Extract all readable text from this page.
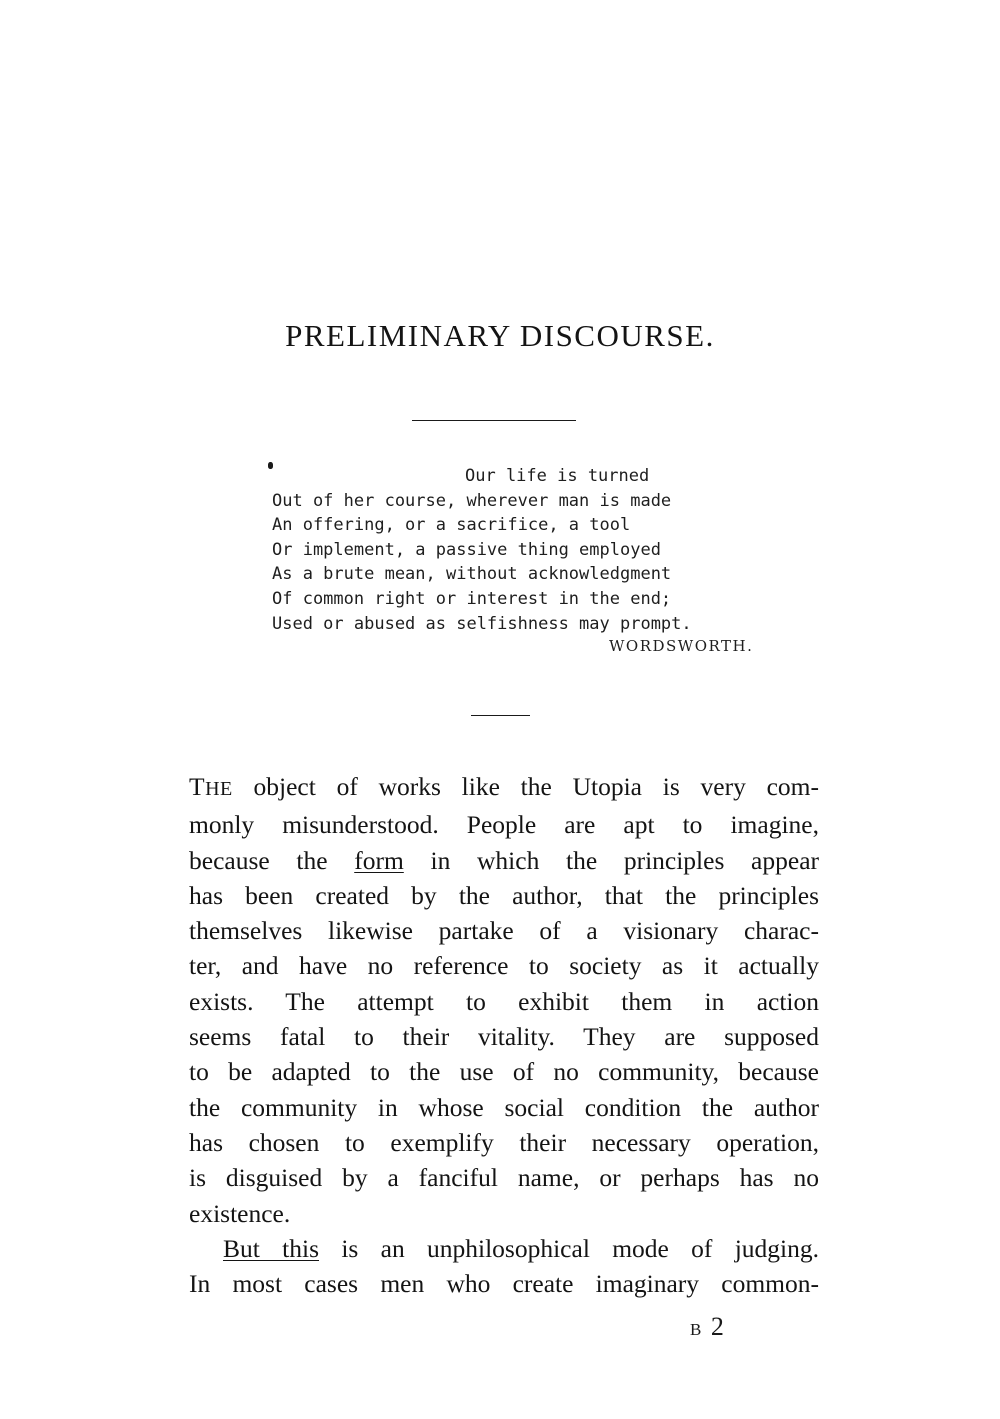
PRELIMINARY DISCOURSE.
Our life is turned
Out of her course, wherever man is made
An offering, or a sacrifice, a tool
Or implement, a passive thing employed
As a brute mean, without acknowledgment
Of common right or interest in the end;
Used or abused as selfishness may prompt.
WORDSWORTH.
THE object of works like the Utopia is very com-
monly misunderstood. People are apt to imagine,
because the form in which the principles appear
has been created by the author, that the principles
themselves likewise partake of a visionary charac-
ter, and have no reference to society as it actually
exists. The attempt to exhibit them in action
seems fatal to their vitality. They are supposed
to be adapted to the use of no community, because
the community in whose social condition the author
has chosen to exemplify their necessary operation,
is disguised by a fanciful name, or perhaps has no
existence.
But this is an unphilosophical mode of judging.
In most cases men who create imaginary common-
B 2
